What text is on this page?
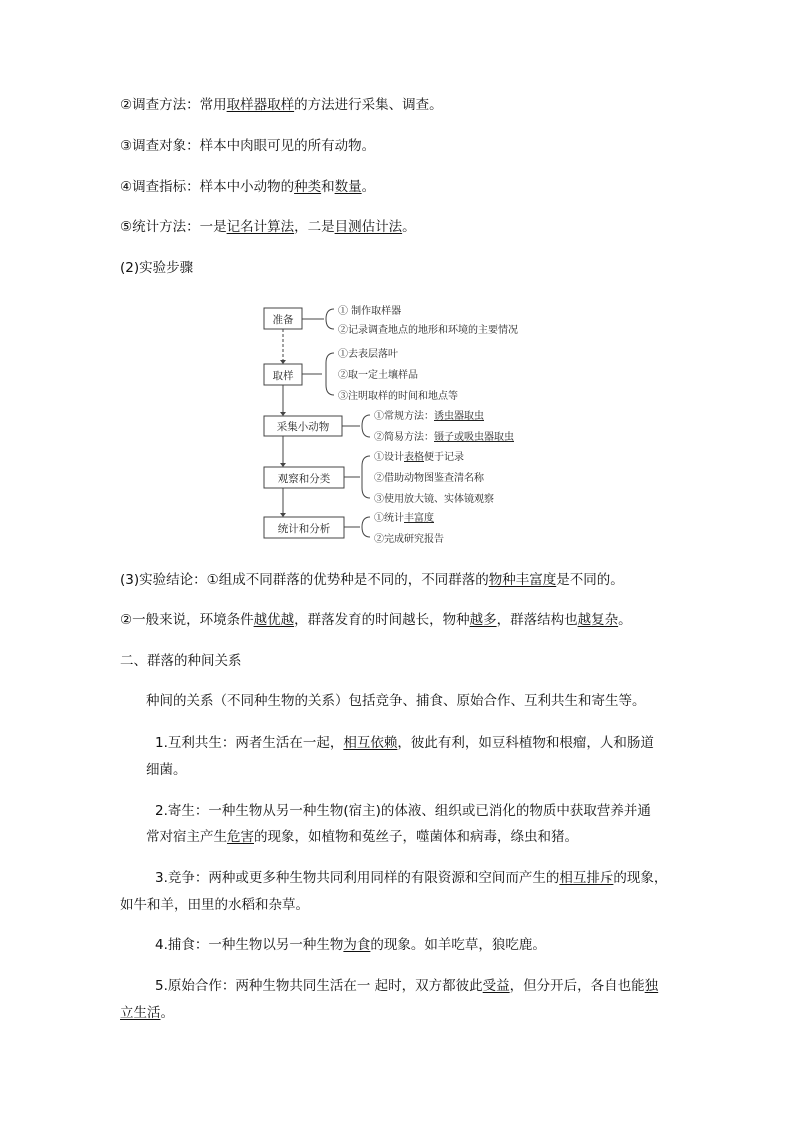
②调查方法：常用取样器取样的方法进行采集、调查。
③调查对象：样本中肉眼可见的所有动物。
④调查指标：样本中小动物的种类和数量。
⑤统计方法：一是记名计算法，二是目测估计法。
(2)实验步骤
准备
取样
采集小动物
观察和分类
统计和分析
① 制作取样器
②记录调查地点的地形和环境的主要情况
①去表层落叶
②取一定土壤样品
③注明取样的时间和地点等
①常规方法：诱虫器取虫
②简易方法：镊子或吸虫器取虫
①设计表格便于记录
②借助动物图鉴查清名称
③使用放大镜、实体镜观察
①统计丰富度
②完成研究报告
(3)实验结论：①组成不同群落的优势种是不同的，不同群落的物种丰富度是不同的。
②一般来说，环境条件越优越，群落发育的时间越长，物种越多，群落结构也越复杂。
二、群落的种间关系
种间的关系（不同种生物的关系）包括竞争、捕食、原始合作、互利共生和寄生等。
1.互利共生：两者生活在一起，相互依赖，彼此有利，如豆科植物和根瘤，人和肠道
细菌。
2.寄生：一种生物从另一种生物(宿主)的体液、组织或已消化的物质中获取营养并通
常对宿主产生危害的现象，如植物和菟丝子，噬菌体和病毒，绦虫和猪。
3.竞争：两种或更多种生物共同利用同样的有限资源和空间而产生的相互排斥的现象，
如牛和羊，田里的水稻和杂草。
4.捕食：一种生物以另一种生物为食的现象。如羊吃草，狼吃鹿。
5.原始合作：两种生物共同生活在一 起时，双方都彼此受益，但分开后，各自也能独
立生活。
